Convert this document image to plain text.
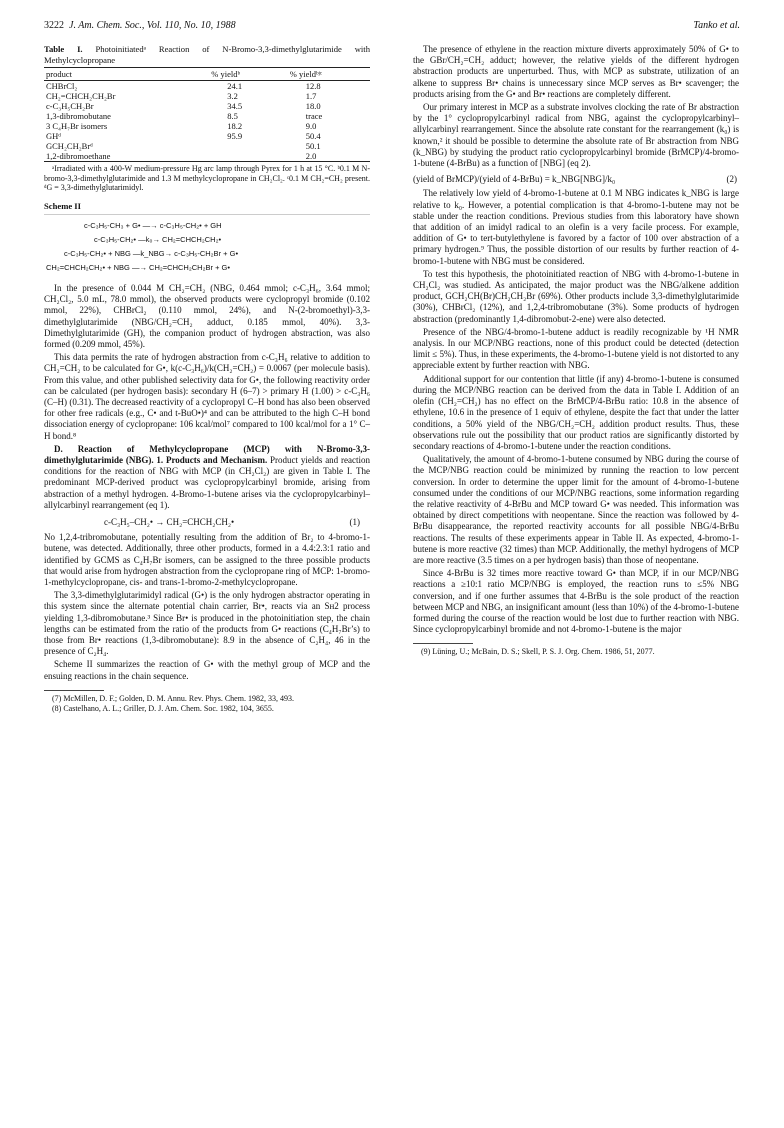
3222 J. Am. Chem. Soc., Vol. 110, No. 10, 1988	Tanko et al.
Table I. Photoinitiatedᵃ Reaction of N-Bromo-3,3-dimethylglutarimide with Methylcyclopropane
product	% yieldᵇ	% yieldᵇʲᶜ
CHBrCl₂	24.1	12.8
CH₂=CHCH₂CH₂Br	3.2	1.7
c-C₃H₅CH₂Br	34.5	18.0
1,3-dibromobutane	8.5	trace
3 C₄H₇Br isomers	18.2	9.0
GHᵈ	95.9	50.4
GCH₂CH₂Brᵈ		50.1
1,2-dibromoethane		2.0

ᵃIrradiated with a 400-W medium-pressure Hg arc lamp through Pyrex for 1 h at 15 °C. ᵇ0.1 M N-bromo-3,3-dimethylglutarimide and 1.3 M methylcyclopropane in CH₂Cl₂. ᶜ0.1 M CH₂=CH₂ present. ᵈG = 3,3-dimethylglutarimidyl.

Scheme II
c-C₃H₅-CH₃ + G• —→ c-C₃H₅-CH₂• + GH
c-C₃H₅-CH₂• —k₀→ CH₂=CHCH₂CH₂•
c-C₃H₅-CH₂• + NBG —k_NBG→ c-C₃H₅-CH₂Br + G•
CH₂=CHCH₂CH₂• + NBG —→ CH₂=CHCH₂CH₂Br + G•

In the presence of 0.044 M CH₂=CH₂ (NBG, 0.464 mmol; c-C₃H₆, 3.64 mmol; CH₂Cl₂, 5.0 mL, 78.0 mmol), the observed products were cyclopropyl bromide (0.102 mmol, 22%), CHBrCl₂ (0.110 mmol, 24%), and N-(2-bromoethyl)-3,3-dimethylglutarimide (NBG/CH₂=CH₂ adduct, 0.185 mmol, 40%). 3,3-Dimethylglutarimide (GH), the companion product of hydrogen abstraction, was also formed (0.209 mmol, 45%).

This data permits the rate of hydrogen abstraction from c-C₃H₆ relative to addition to CH₂=CH₂ to be calculated for G•, k(c-C₃H₆)/k(CH₂=CH₂) = 0.0067 (per molecule basis). From this value, and other published selectivity data for G•, the following reactivity order can be calculated (per hydrogen basis): secondary H (6–7) > primary H (1.00) > c-C₃H₆ (C–H) (0.31). The decreased reactivity of a cyclopropyl C–H bond has also been observed for other free radicals (e.g., C• and t-BuO•)⁴ and can be attributed to the high C–H bond dissociation energy of cyclopropane: 106 kcal/mol⁷ compared to 100 kcal/mol for a 1° C–H bond.⁸

D. Reaction of Methylcyclopropane (MCP) with N-Bromo-3,3-dimethylglutarimide (NBG). 1. Products and Mechanism. Product yields and reaction conditions for the reaction of NBG with MCP (in CH₂Cl₂) are given in Table I. The predominant MCP-derived product was cyclopropylcarbinyl bromide, arising from abstraction of a methyl hydrogen. 4-Bromo-1-butene arises via the cyclopropylcarbinyl–allylcarbinyl rearrangement (eq 1).

c-C₃H₅–CH₂• → CH₂=CHCH₂CH₂•	(1)

No 1,2,4-tribromobutane, potentially resulting from the addition of Br₂ to 4-bromo-1-butene, was detected. Additionally, three other products, formed in a 4.4:2.3:1 ratio and identified by GCMS as C₄H₇Br isomers, can be assigned to the three possible products that would arise from hydrogen abstraction from the cyclopropane ring of MCP: 1-bromo-1-methylcyclopropane, cis- and trans-1-bromo-2-methylcyclopropane.

The 3,3-dimethylglutarimidyl radical (G•) is the only hydrogen abstractor operating in this system since the alternate potential chain carrier, Br•, reacts via an Sʜ2 process yielding 1,3-dibromobutane.³ Since Br• is produced in the photoinitiation step, the chain lengths can be estimated from the ratio of the products from G• reactions (C₄H₇Br’s) to those from Br• reactions (1,3-dibromobutane): 8.9 in the absence of C₂H₄, 46 in the presence of C₂H₄.

Scheme II summarizes the reaction of G• with the methyl group of MCP and the ensuing reactions in the chain sequence.

(7) McMillen, D. F.; Golden, D. M. Annu. Rev. Phys. Chem. 1982, 33, 493.

(8) Castelhano, A. L.; Griller, D. J. Am. Chem. Soc. 1982, 104, 3655.

The presence of ethylene in the reaction mixture diverts approximately 50% of G• to the GBr/CH₂=CH₂ adduct; however, the relative yields of the different hydrogen abstraction products are unperturbed. Thus, with MCP as substrate, utilization of an alkene to suppress Br• chains is unnecessary since MCP serves as Br• scavenger; the products arising from the G• and Br• reactions are completely different.

Our primary interest in MCP as a substrate involves clocking the rate of Br abstraction by the 1° cyclopropylcarbinyl radical from NBG, against the cyclopropylcarbinyl–allylcarbinyl rearrangement. Since the absolute rate constant for the rearrangement (k₀) is known,² it should be possible to determine the absolute rate of Br abstraction from NBG (k_NBG) by studying the product ratio cyclopropylcarbinyl bromide (BrMCP)/4-bromo-1-butene (4-BrBu) as a function of [NBG] (eq 2).

(yield of BrMCP)/(yield of 4-BrBu) = k_NBG[NBG]/k₀	(2)

The relatively low yield of 4-bromo-1-butene at 0.1 M NBG indicates k_NBG is large relative to k₀. However, a potential complication is that 4-bromo-1-butene may not be stable under the reaction conditions. Previous studies from this laboratory have shown that addition of an imidyl radical to an olefin is a very facile process. For example, addition of G• to tert-butylethylene is favored by a factor of 100 over abstraction of a primary hydrogen.⁹ Thus, the possible distortion of our results by further reaction of 4-bromo-1-butene with NBG must be considered.

To test this hypothesis, the photoinitiated reaction of NBG with 4-bromo-1-butene in CH₂Cl₂ was studied. As anticipated, the major product was the NBG/alkene addition product, GCH₂CH(Br)CH₂CH₂Br (69%). Other products include 3,3-dimethylglutarimide (30%), CHBrCl₂ (12%), and 1,2,4-tribromobutane (3%). Some products of hydrogen abstraction (predominantly 1,4-dibromobut-2-ene) were also detected.

Presence of the NBG/4-bromo-1-butene adduct is readily recognizable by ¹H NMR analysis. In our MCP/NBG reactions, none of this product could be detected (detection limit ≤ 5%). Thus, in these experiments, the 4-bromo-1-butene yield is not distorted to any appreciable extent by further reaction with NBG.

Additional support for our contention that little (if any) 4-bromo-1-butene is consumed during the MCP/NBG reaction can be derived from the data in Table I. Addition of an olefin (CH₂=CH₂) has no effect on the BrMCP/4-BrBu ratio: 10.8 in the absence of ethylene, 10.6 in the presence of 1 equiv of ethylene, despite the fact that under the latter conditions, a 50% yield of the NBG/CH₂=CH₂ addition product results. Thus, these observations rule out the possibility that our product ratios are significantly distorted by secondary reactions of 4-bromo-1-butene under the reaction conditions.

Qualitatively, the amount of 4-bromo-1-butene consumed by NBG during the course of the MCP/NBG reaction could be minimized by running the reaction to low percent conversion. In order to determine the upper limit for the amount of 4-bromo-1-butene consumed under the conditions of our MCP/NBG reactions, some information regarding the relative reactivity of 4-BrBu and MCP toward G• was needed. This information was obtained by direct competitions with neopentane. Since the reaction was followed by 4-BrBu disappearance, the reported reactivity accounts for all possible NBG/4-BrBu reactions. The results of these experiments appear in Table II. As expected, 4-bromo-1-butene is more reactive (32 times) than MCP. Additionally, the methyl hydrogens of MCP are more reactive (3.5 times on a per hydrogen basis) than those of neopentane.

Since 4-BrBu is 32 times more reactive toward G• than MCP, if in our MCP/NBG reactions a ≥10:1 ratio MCP/NBG is employed, the reaction runs to ≤5% NBG conversion, and if one further assumes that 4-BrBu is the sole product of the reaction between MCP and NBG, an insignificant amount (less than 10%) of the 4-bromo-1-butene formed during the course of the reaction would be lost due to further reaction with NBG. Since cyclopropylcarbinyl bromide and not 4-bromo-1-butene is the major

(9) Lüning, U.; McBain, D. S.; Skell, P. S. J. Org. Chem. 1986, 51, 2077.
